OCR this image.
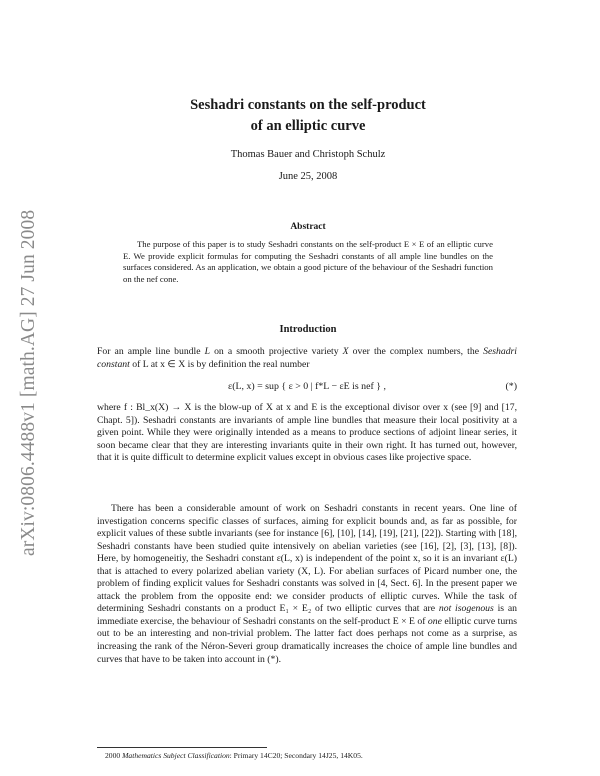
arXiv:0806.4488v1 [math.AG] 27 Jun 2008
Seshadri constants on the self-product
of an elliptic curve
Thomas Bauer and Christoph Schulz
June 25, 2008
Abstract
The purpose of this paper is to study Seshadri constants on the self-product E × E of an elliptic curve E. We provide explicit formulas for computing the Seshadri constants of all ample line bundles on the surfaces considered. As an application, we obtain a good picture of the behaviour of the Seshadri function on the nef cone.
Introduction
For an ample line bundle L on a smooth projective variety X over the complex numbers, the Seshadri constant of L at x ∈ X is by definition the real number
ε(L, x) = sup { ε > 0 | f*L − εE is nef } ,	(*)
where f : Bl_x(X) → X is the blow-up of X at x and E is the exceptional divisor over x (see [9] and [17, Chapt. 5]). Seshadri constants are invariants of ample line bundles that measure their local positivity at a given point. While they were originally intended as a means to produce sections of adjoint linear series, it soon became clear that they are interesting invariants quite in their own right. It has turned out, however, that it is quite difficult to determine explicit values except in obvious cases like projective space.
There has been a considerable amount of work on Seshadri constants in recent years. One line of investigation concerns specific classes of surfaces, aiming for explicit bounds and, as far as possible, for explicit values of these subtle invariants (see for instance [6], [10], [14], [19], [21], [22]). Starting with [18], Seshadri constants have been studied quite intensively on abelian varieties (see [16], [2], [3], [13], [8]). Here, by homogeneitiy, the Seshadri constant ε(L, x) is independent of the point x, so it is an invariant ε(L) that is attached to every polarized abelian variety (X, L). For abelian surfaces of Picard number one, the problem of finding explicit values for Seshadri constants was solved in [4, Sect. 6]. In the present paper we attack the problem from the opposite end: we consider products of elliptic curves. While the task of determining Seshadri constants on a product E₁ × E₂ of two elliptic curves that are not isogenous is an immediate exercise, the behaviour of Seshadri constants on the self-product E × E of one elliptic curve turns out to be an interesting and non-trivial problem. The latter fact does perhaps not come as a surprise, as increasing the rank of the Néron-Severi group dramatically increases the choice of ample line bundles and curves that have to be taken into account in (*).
2000 Mathematics Subject Classification: Primary 14C20; Secondary 14J25, 14K05.
